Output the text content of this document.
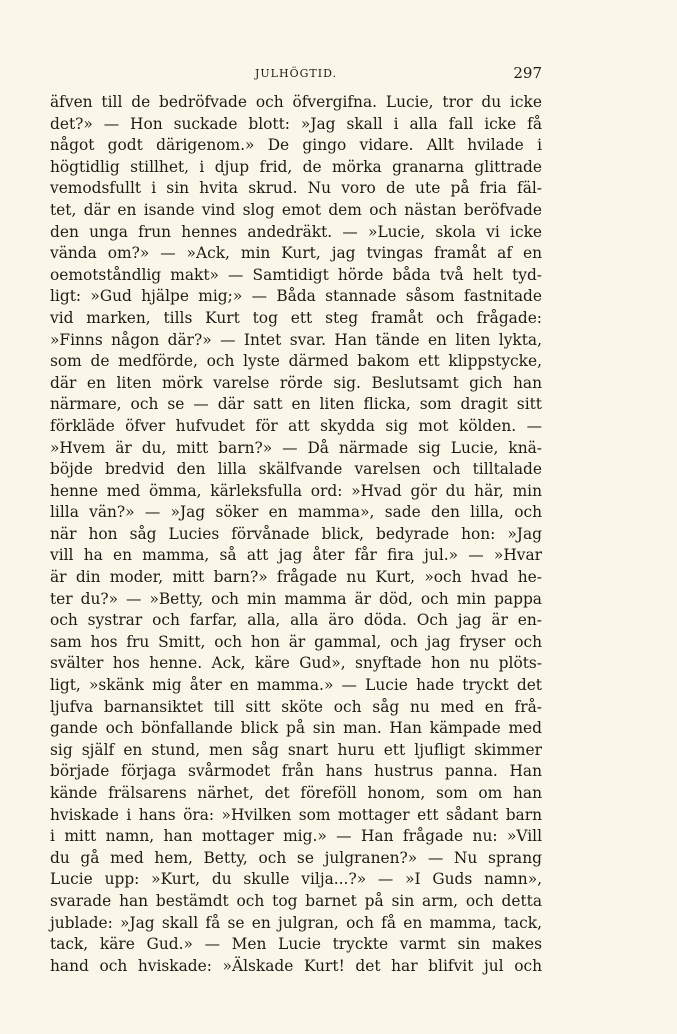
JULHÖGTID.	297
äfven till de bedröfvade och öfvergifna. Lucie, tror du icke
det?» — Hon suckade blott: »Jag skall i alla fall icke få
något godt därigenom.» De gingo vidare. Allt hvilade i
högtidlig stillhet, i djup frid, de mörka granarna glittrade
vemodsfullt i sin hvita skrud. Nu voro de ute på fria fäl-
tet, där en isande vind slog emot dem och nästan beröfvade
den unga frun hennes andedräkt. — »Lucie, skola vi icke
vända om?» — »Ack, min Kurt, jag tvingas framåt af en
oemotståndlig makt» — Samtidigt hörde båda två helt tyd-
ligt: »Gud hjälpe mig;» — Båda stannade såsom fastnitade
vid marken, tills Kurt tog ett steg framåt och frågade:
»Finns någon där?» — Intet svar. Han tände en liten lykta,
som de medförde, och lyste därmed bakom ett klippstycke,
där en liten mörk varelse rörde sig. Beslutsamt gich han
närmare, och se — där satt en liten flicka, som dragit sitt
förkläde öfver hufvudet för att skydda sig mot kölden. —
»Hvem är du, mitt barn?» — Då närmade sig Lucie, knä-
böjde bredvid den lilla skälfvande varelsen och tilltalade
henne med ömma, kärleksfulla ord: »Hvad gör du här, min
lilla vän?» — »Jag söker en mamma», sade den lilla, och
när hon såg Lucies förvånade blick, bedyrade hon: »Jag
vill ha en mamma, så att jag åter får fira jul.» — »Hvar
är din moder, mitt barn?» frågade nu Kurt, »och hvad he-
ter du?» — »Betty, och min mamma är död, och min pappa
och systrar och farfar, alla, alla äro döda. Och jag är en-
sam hos fru Smitt, och hon är gammal, och jag fryser och
svälter hos henne. Ack, käre Gud», snyftade hon nu plöts-
ligt, »skänk mig åter en mamma.» — Lucie hade tryckt det
ljufva barnansiktet till sitt sköte och såg nu med en frå-
gande och bönfallande blick på sin man. Han kämpade med
sig själf en stund, men såg snart huru ett ljufligt skimmer
började förjaga svårmodet från hans hustrus panna. Han
kände frälsarens närhet, det föreföll honom, som om han
hviskade i hans öra: »Hvilken som mottager ett sådant barn
i mitt namn, han mottager mig.» — Han frågade nu: »Vill
du gå med hem, Betty, och se julgranen?» — Nu sprang
Lucie upp: »Kurt, du skulle vilja...?» — »I Guds namn»,
svarade han bestämdt och tog barnet på sin arm, och detta
jublade: »Jag skall få se en julgran, och få en mamma, tack,
tack, käre Gud.» — Men Lucie tryckte varmt sin makes
hand och hviskade: »Älskade Kurt! det har blifvit jul och
